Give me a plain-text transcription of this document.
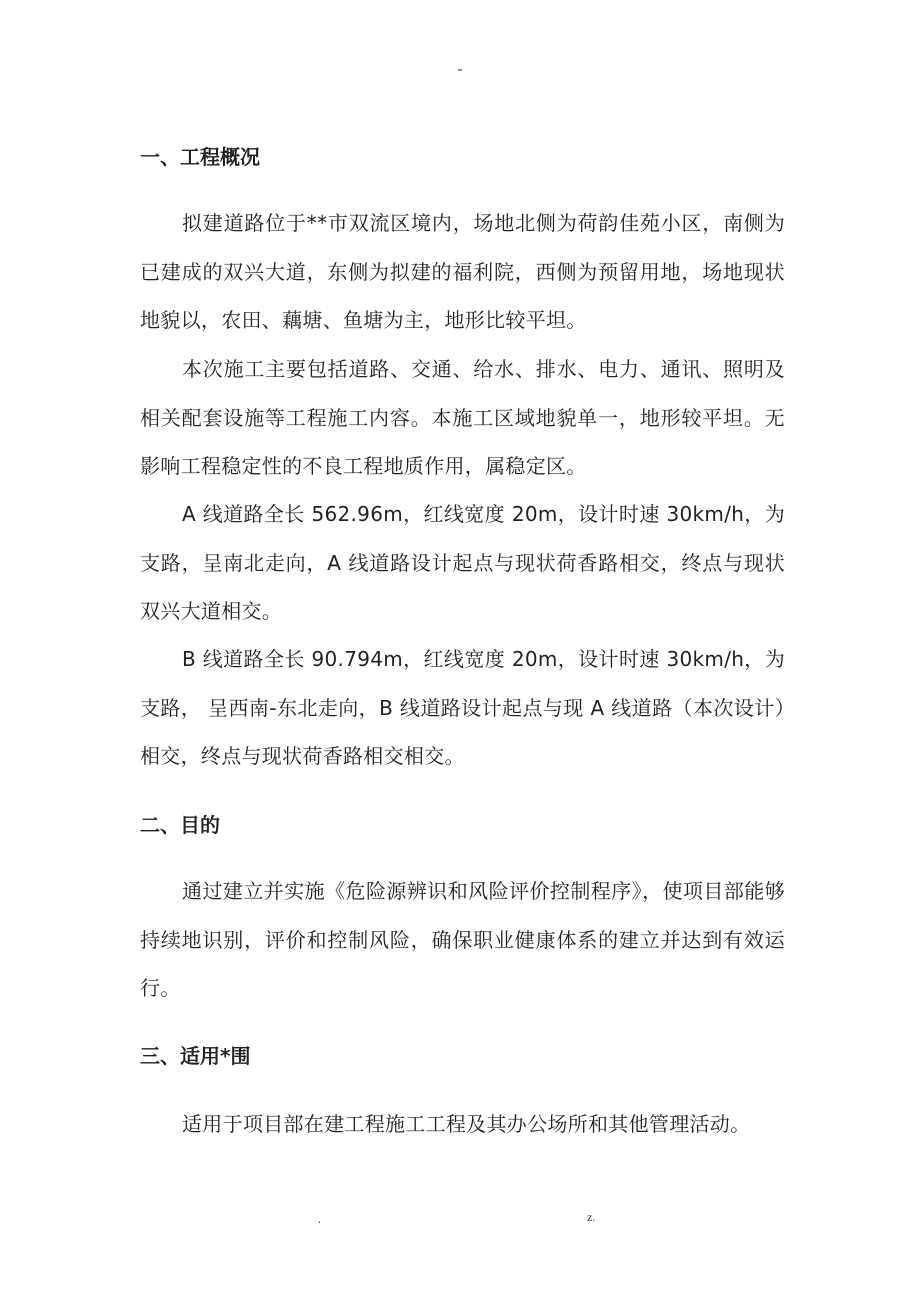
-
一、工程概况

拟建道路位于**市双流区境内，场地北侧为荷韵佳苑小区，南侧为已建成的双兴大道，东侧为拟建的福利院，西侧为预留用地，场地现状地貌以，农田、藕塘、鱼塘为主，地形比较平坦。

本次施工主要包括道路、交通、给水、排水、电力、通讯、照明及相关配套设施等工程施工内容。本施工区域地貌单一，地形较平坦。无影响工程稳定性的不良工程地质作用，属稳定区。

A 线道路全长 562.96m，红线宽度 20m，设计时速 30km/h，为支路，呈南北走向，A 线道路设计起点与现状荷香路相交，终点与现状双兴大道相交。

B 线道路全长 90.794m，红线宽度 20m，设计时速 30km/h，为支路， 呈西南-东北走向，B 线道路设计起点与现 A 线道路（本次设计）相交，终点与现状荷香路相交相交。

二、目的

通过建立并实施《危险源辨识和风险评价控制程序》，使项目部能够持续地识别，评价和控制风险，确保职业健康体系的建立并达到有效运行。

三、适用*围

适用于项目部在建工程施工工程及其办公场所和其他管理活动。

.	z.
